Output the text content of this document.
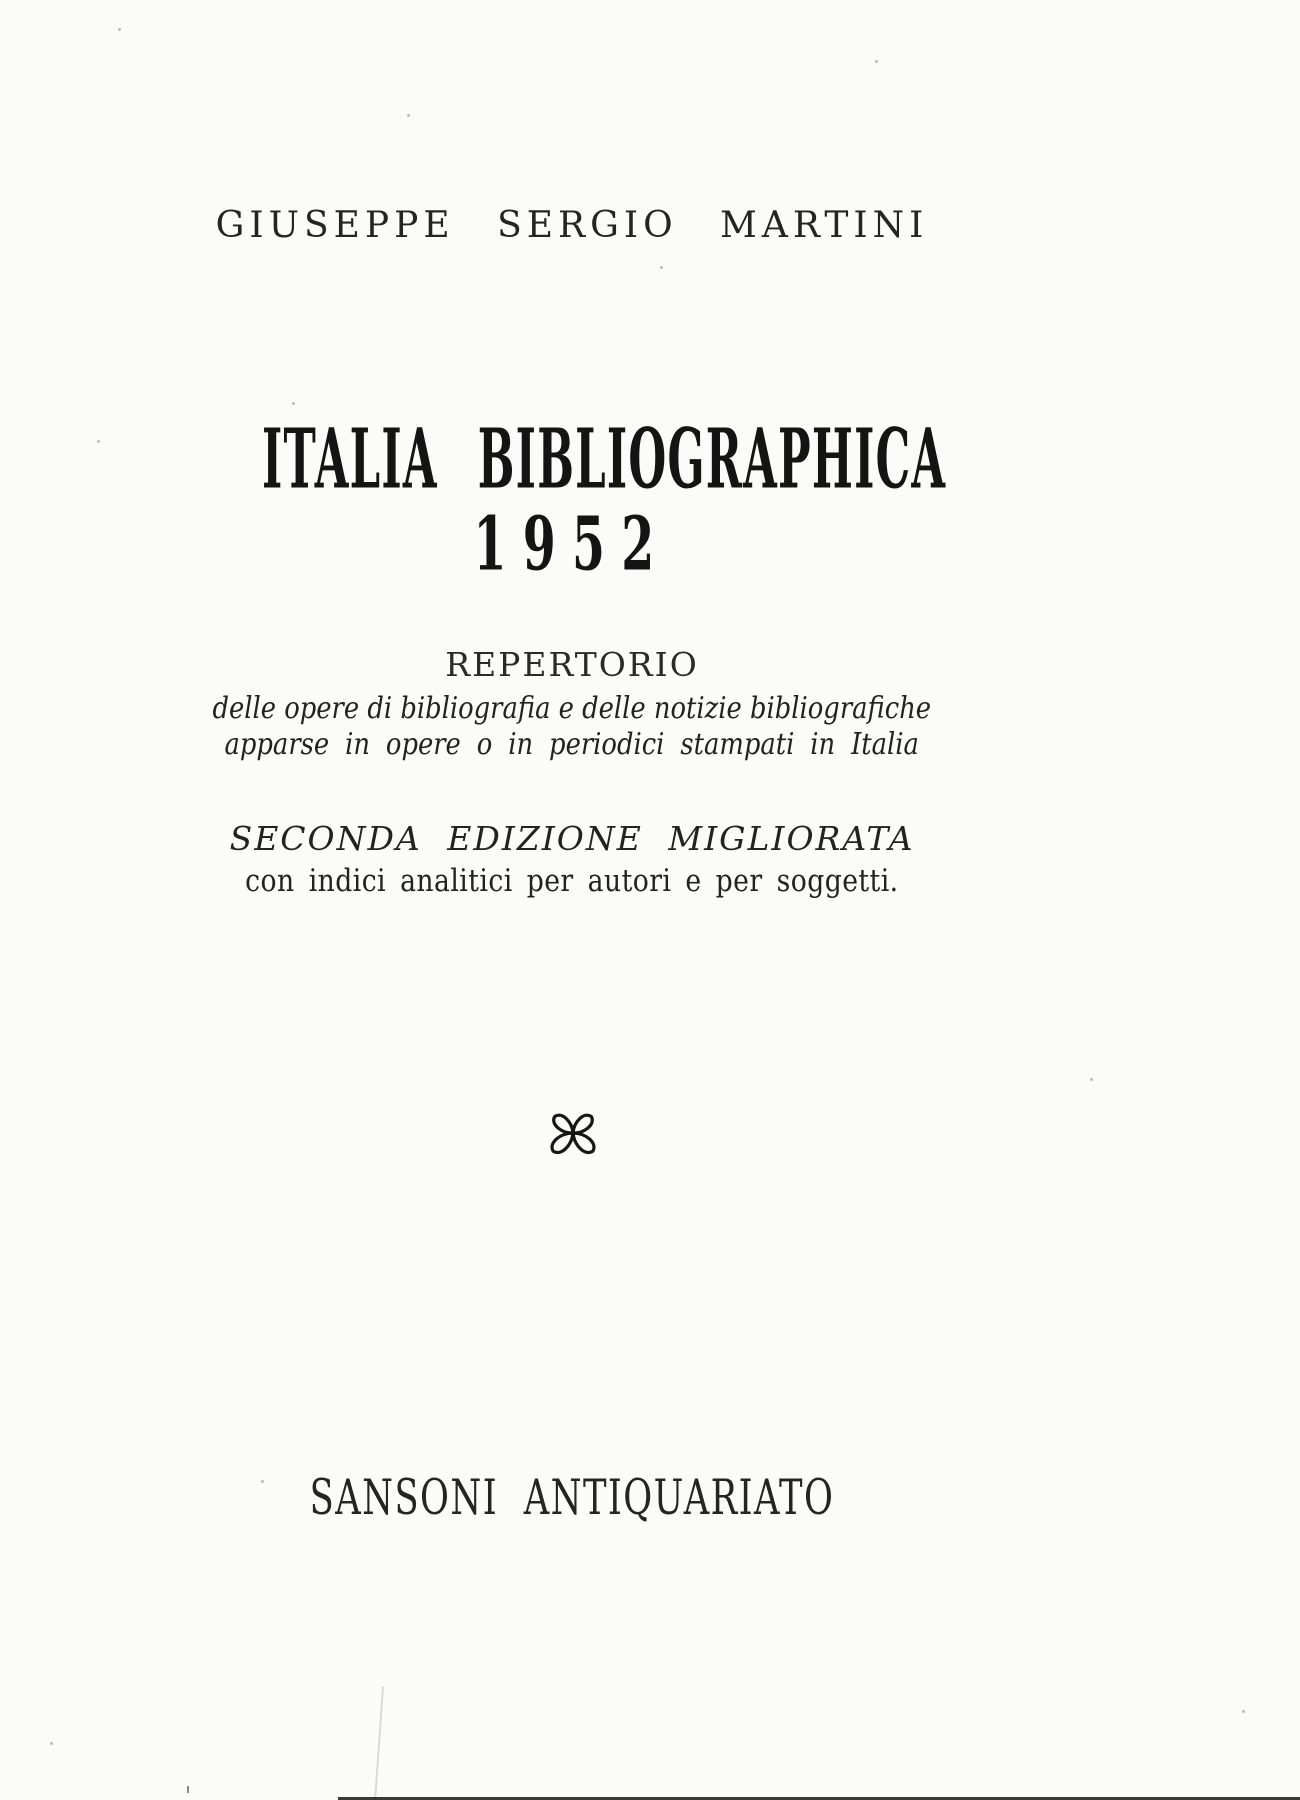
GIUSEPPE SERGIO MARTINI
ITALIA BIBLIOGRAPHICA
1952
REPERTORIO
delle opere di bibliografia e delle notizie bibliografiche
apparse in opere o in periodici stampati in Italia
SECONDA EDIZIONE MIGLIORATA
con indici analitici per autori e per soggetti.
SANSONI ANTIQUARIATO
